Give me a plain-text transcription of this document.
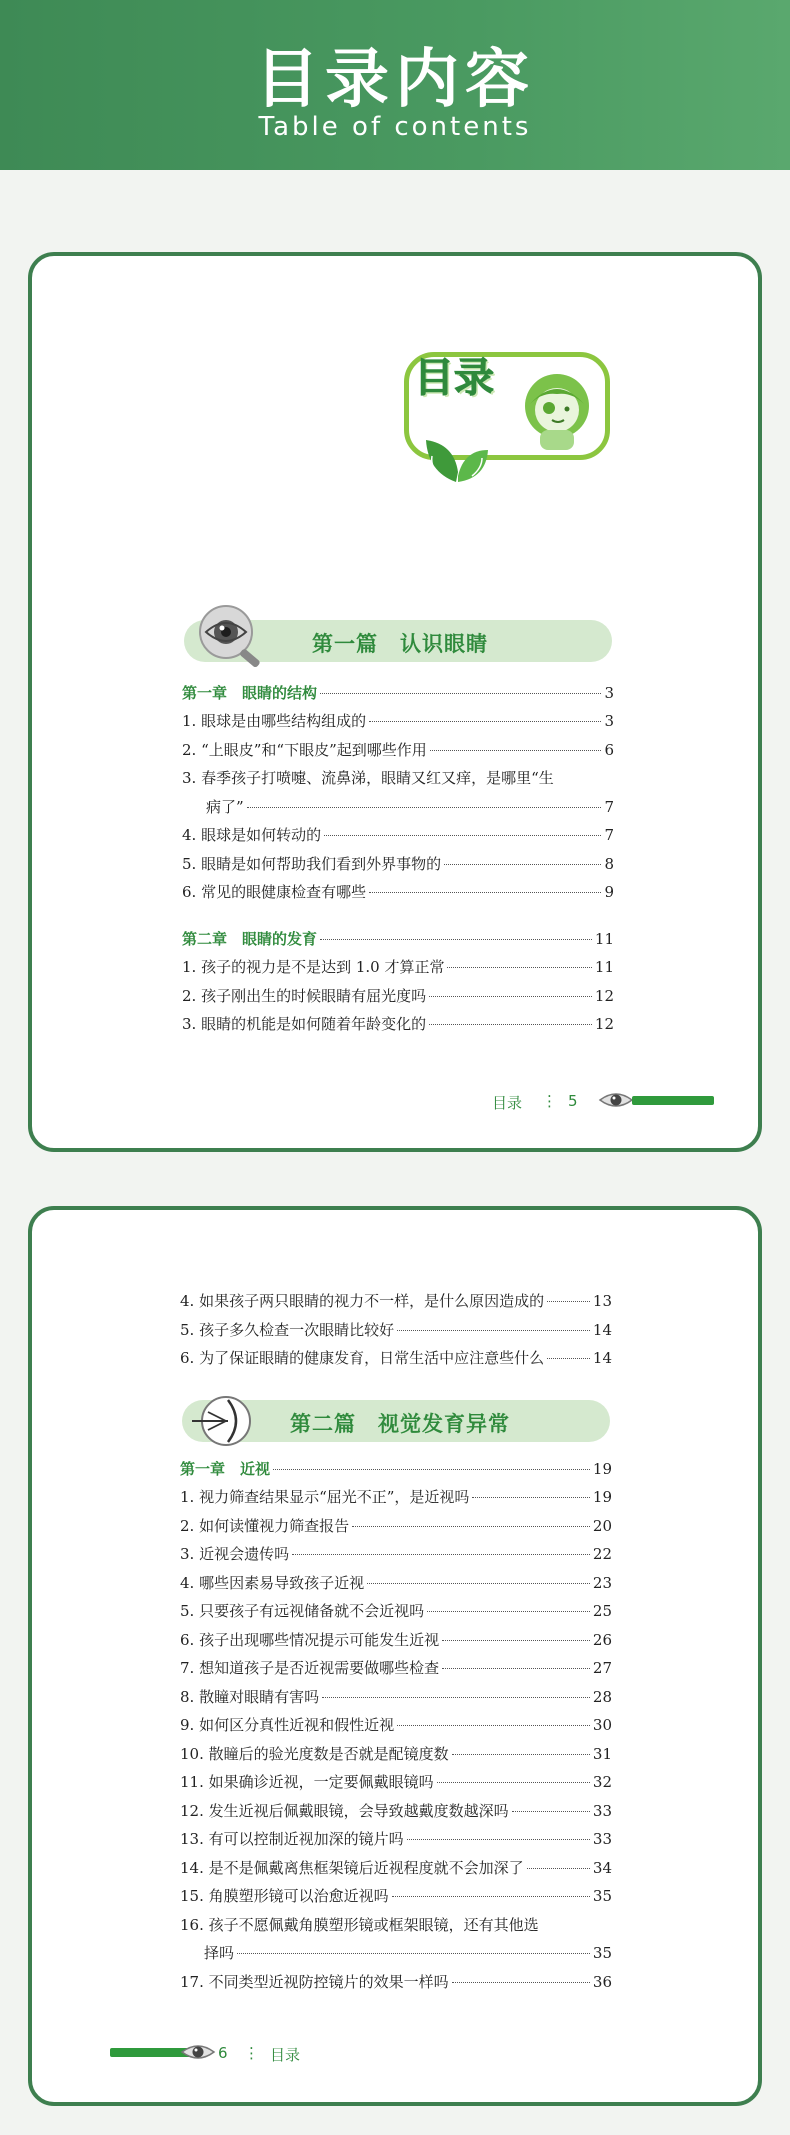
目录内容
Table of contents
目录
第一篇　认识眼睛
第一章　眼睛的结构	3
1. 眼球是由哪些结构组成的	3
2. “上眼皮”和“下眼皮”起到哪些作用	6
3. 春季孩子打喷嚏、流鼻涕，眼睛又红又痒，是哪里“生
病了”	7
4. 眼球是如何转动的	7
5. 眼睛是如何帮助我们看到外界事物的	8
6. 常见的眼健康检查有哪些	9
第二章　眼睛的发育	11
1. 孩子的视力是不是达到 1.0 才算正常	11
2. 孩子刚出生的时候眼睛有屈光度吗	12
3. 眼睛的机能是如何随着年龄变化的	12
目录 ⋮ 5
4. 如果孩子两只眼睛的视力不一样，是什么原因造成的	13
5. 孩子多久检查一次眼睛比较好	14
6. 为了保证眼睛的健康发育，日常生活中应注意些什么	14
第二篇　视觉发育异常
第一章　近视	19
1. 视力筛查结果显示“屈光不正”，是近视吗	19
2. 如何读懂视力筛查报告	20
3. 近视会遗传吗	22
4. 哪些因素易导致孩子近视	23
5. 只要孩子有远视储备就不会近视吗	25
6. 孩子出现哪些情况提示可能发生近视	26
7. 想知道孩子是否近视需要做哪些检查	27
8. 散瞳对眼睛有害吗	28
9. 如何区分真性近视和假性近视	30
10. 散瞳后的验光度数是否就是配镜度数	31
11. 如果确诊近视，一定要佩戴眼镜吗	32
12. 发生近视后佩戴眼镜，会导致越戴度数越深吗	33
13. 有可以控制近视加深的镜片吗	33
14. 是不是佩戴离焦框架镜后近视程度就不会加深了	34
15. 角膜塑形镜可以治愈近视吗	35
16. 孩子不愿佩戴角膜塑形镜或框架眼镜，还有其他选
择吗	35
17. 不同类型近视防控镜片的效果一样吗	36
6 ⋮ 目录
